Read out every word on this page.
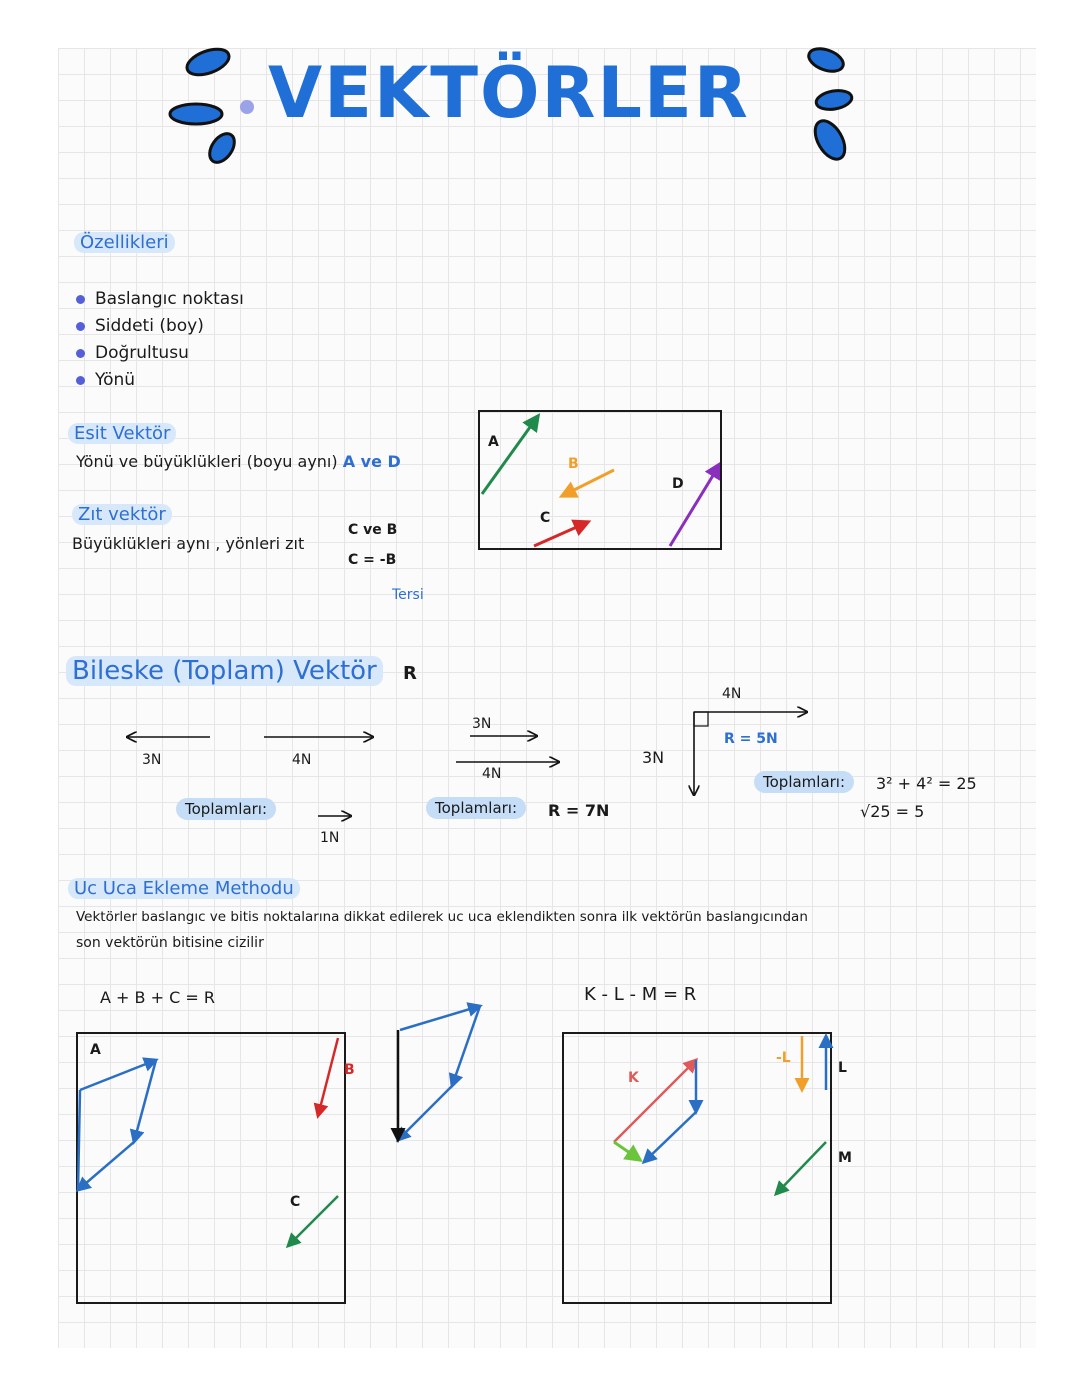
VEKTÖRLER
Özellikleri
Baslangıc noktası
Siddeti (boy)
Doğrultusu
Yönü
Esit Vektör
Yönü ve büyüklükleri (boyu aynı) A ve D
Zıt vektör
Büyüklükleri aynı , yönleri zıt
C ve B
C = -B
Tersi
A
B
C
D
Bileske (Toplam) Vektör R
3N	4N
Toplamları:
1N
3N
4N
Toplamları:	R = 7N
4N
3N
R = 5N
Toplamları:	3² + 4² = 25
√25 = 5
Uc Uca Ekleme Methodu
Vektörler baslangıc ve bitis noktalarına dikkat edilerek uc uca eklendikten sonra ilk vektörün baslangıcından
son vektörün bitisine cizilir
A + B + C = R	K - L - M = R
A
C
B	K
L
M
-L
